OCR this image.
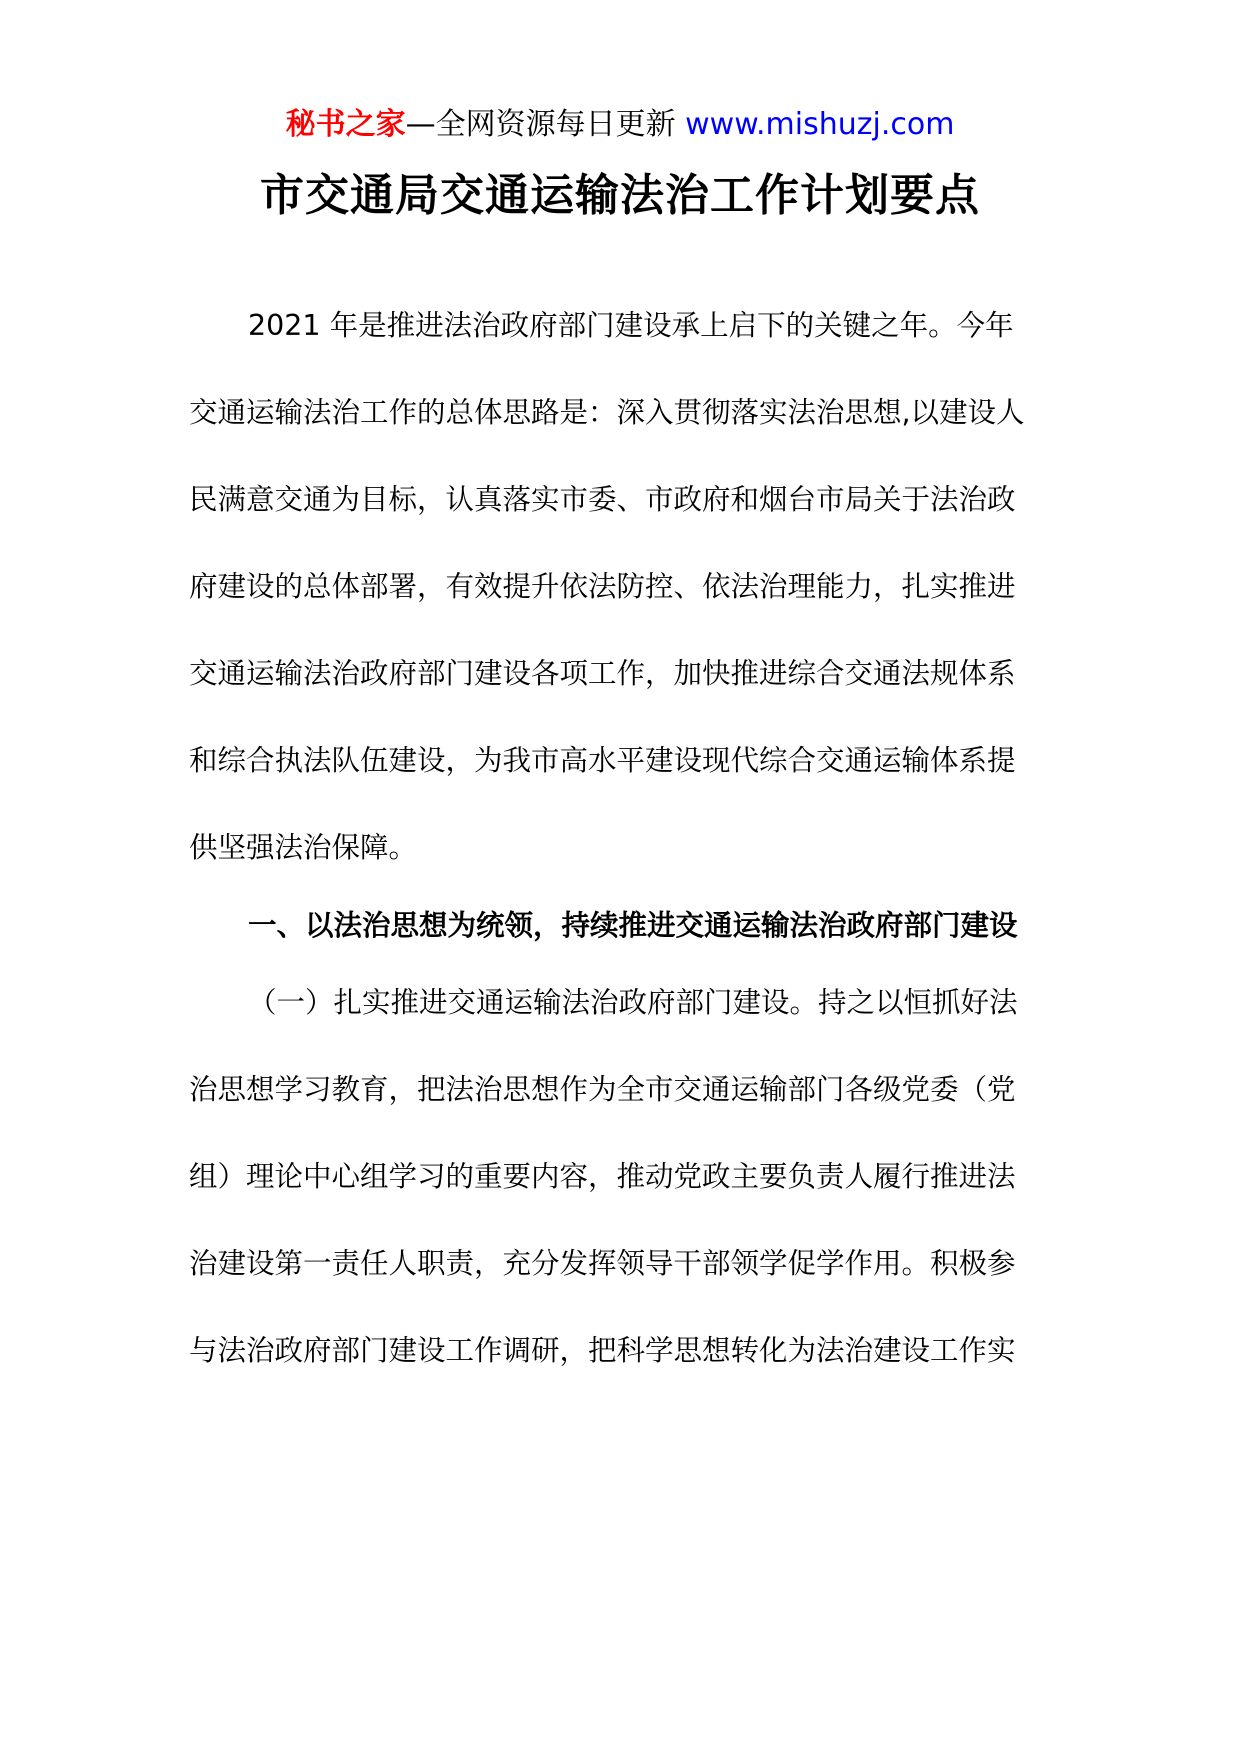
秘书之家—全网资源每日更新 www.mishuzj.com
市交通局交通运输法治工作计划要点
2021 年是推进法治政府部门建设承上启下的关键之年。今年
交通运输法治工作的总体思路是：深入贯彻落实法治思想,以建设人
民满意交通为目标，认真落实市委、市政府和烟台市局关于法治政
府建设的总体部署，有效提升依法防控、依法治理能力，扎实推进
交通运输法治政府部门建设各项工作，加快推进综合交通法规体系
和综合执法队伍建设，为我市高水平建设现代综合交通运输体系提
供坚强法治保障。
一、以法治思想为统领，持续推进交通运输法治政府部门建设
（一）扎实推进交通运输法治政府部门建设。持之以恒抓好法
治思想学习教育，把法治思想作为全市交通运输部门各级党委（党
组）理论中心组学习的重要内容，推动党政主要负责人履行推进法
治建设第一责任人职责，充分发挥领导干部领学促学作用。积极参
与法治政府部门建设工作调研，把科学思想转化为法治建设工作实
